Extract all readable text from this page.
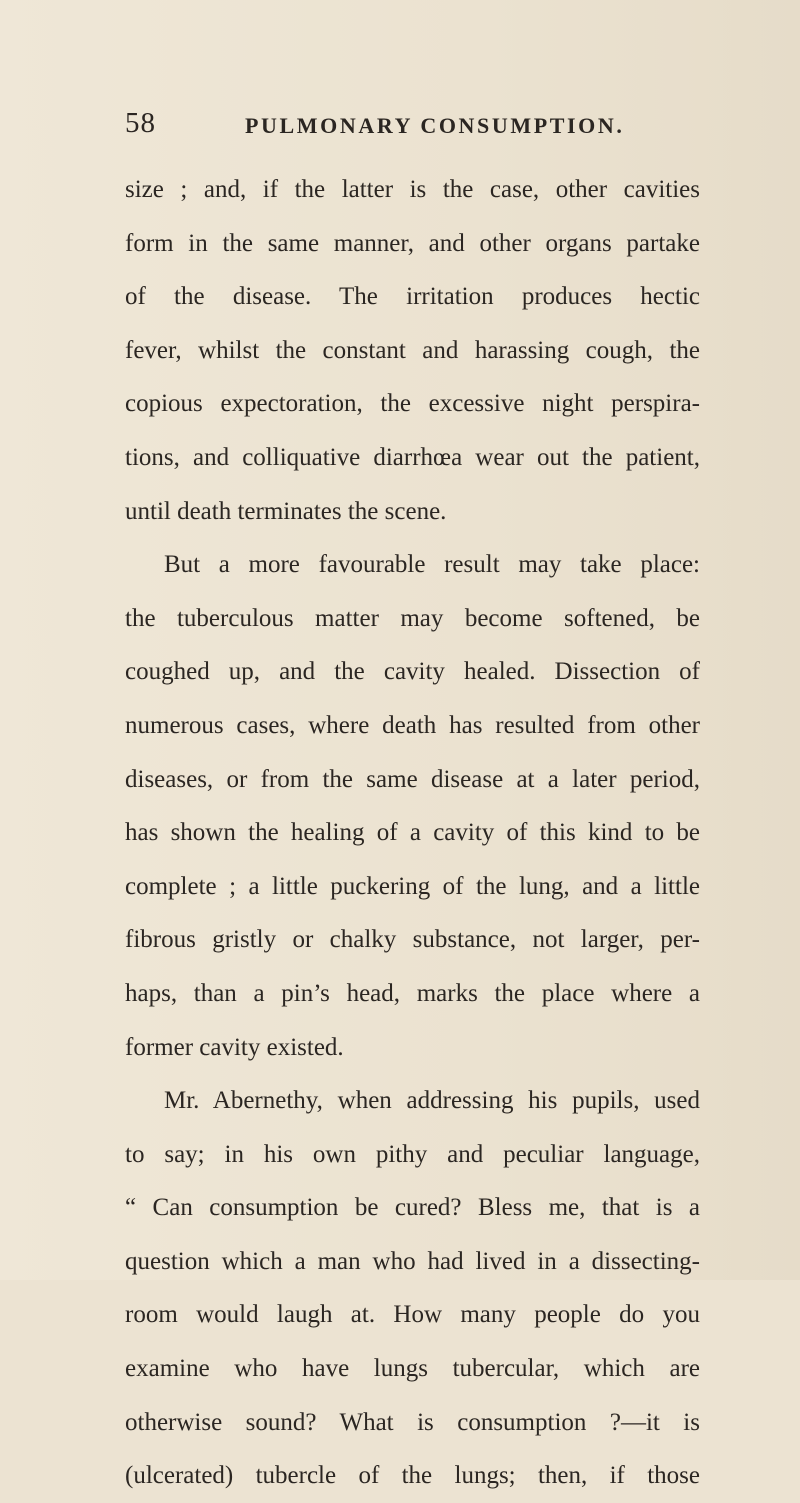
58	PULMONARY CONSUMPTION.
size ; and, if the latter is the case, other cavities
form in the same manner, and other organs partake
of the disease. The irritation produces hectic
fever, whilst the constant and harassing cough, the
copious expectoration, the excessive night perspira-
tions, and colliquative diarrhœa wear out the patient,
until death terminates the scene.
But a more favourable result may take place:
the tuberculous matter may become softened, be
coughed up, and the cavity healed. Dissection of
numerous cases, where death has resulted from other
diseases, or from the same disease at a later period,
has shown the healing of a cavity of this kind to be
complete ; a little puckering of the lung, and a little
fibrous gristly or chalky substance, not larger, per-
haps, than a pin’s head, marks the place where a
former cavity existed.
Mr. Abernethy, when addressing his pupils, used
to say; in his own pithy and peculiar language,
“ Can consumption be cured? Bless me, that is a
question which a man who had lived in a dissecting-
room would laugh at. How many people do you
examine who have lungs tubercular, which are
otherwise sound? What is consumption ?—it is
(ulcerated) tubercle of the lungs; then, if those
